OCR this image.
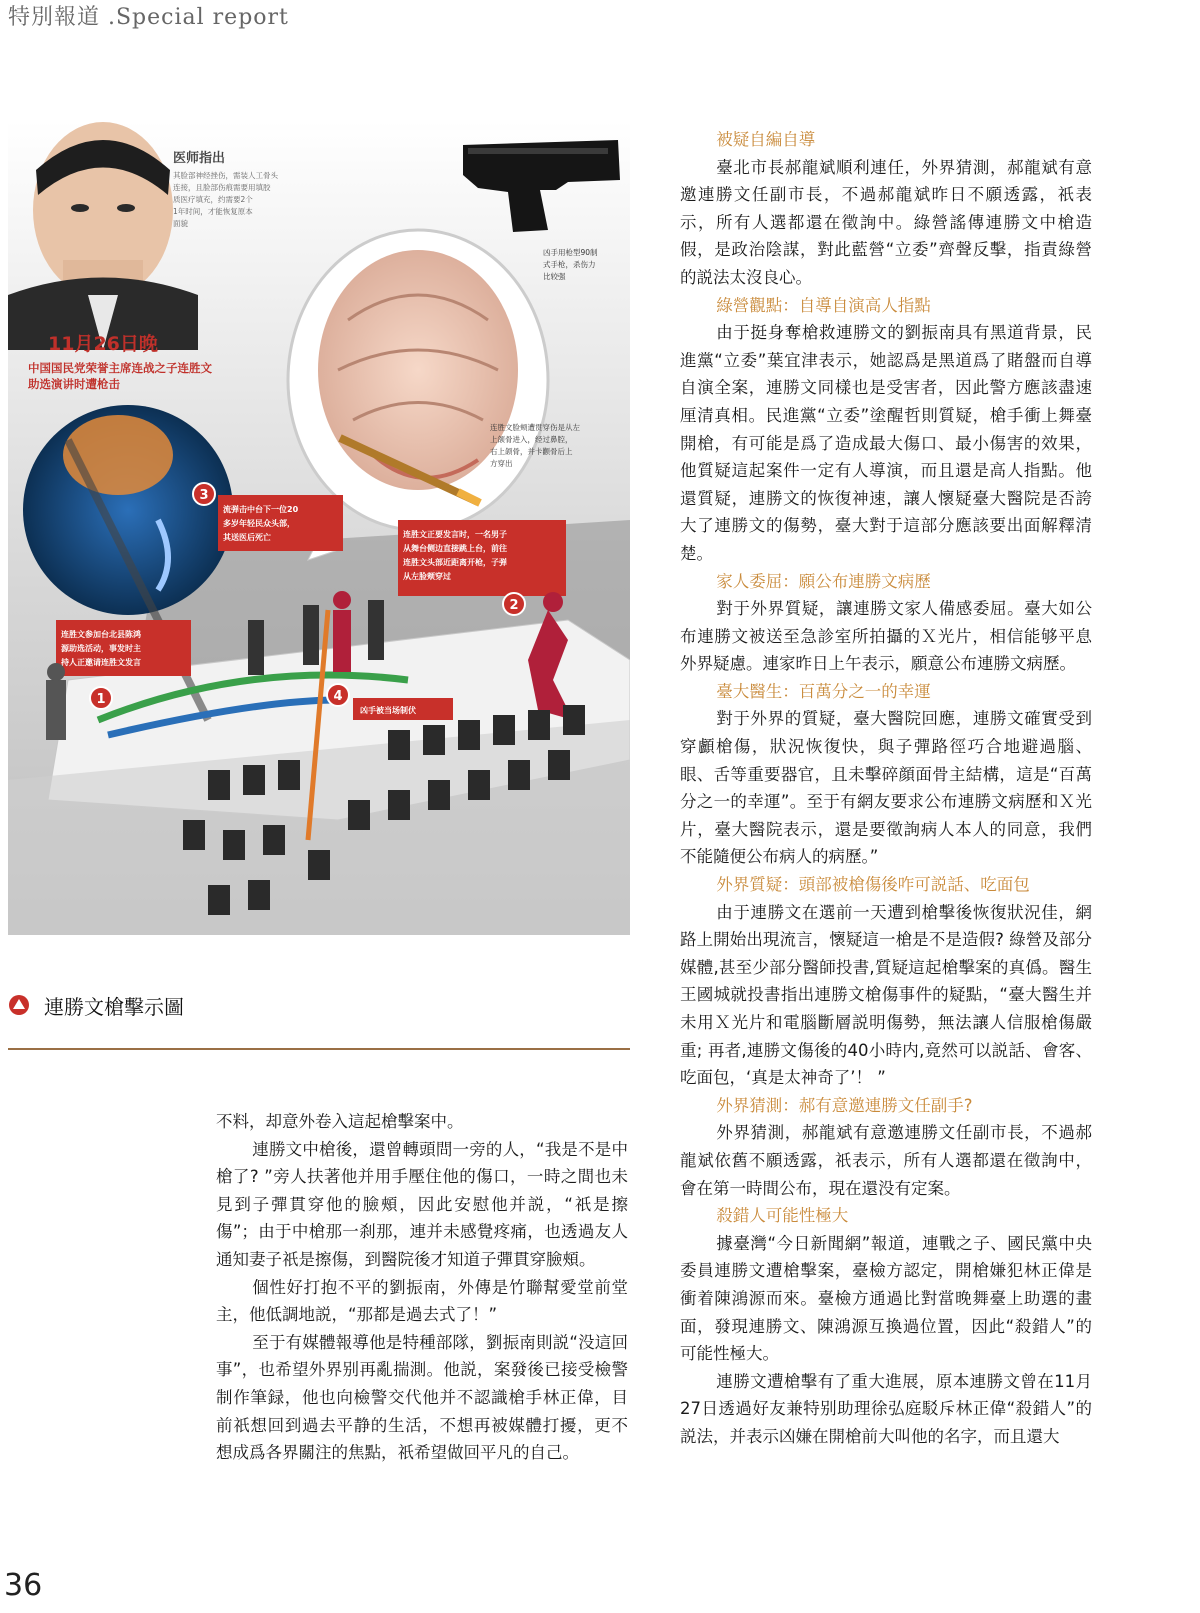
特別報道 .Special report
11月26日晚
中国国民党荣誉主席连战之子连胜文
助选演讲时遭枪击
医师指出
其脸部神经挫伤，需装人工骨头
连接，且脸部伤痕需要用填胶
质医疗填充，约需要2个
1年时间，才能恢复原本
面貌
凶手用枪型90制
式手枪，杀伤力
比较强
连胜文脸颊遭贯穿伤是从左
上颌骨进入，经过鼻腔，
右上颌骨，并卡颧骨后上
方穿出
流弹击中台下一位20
多岁年轻民众头部，
其送医后死亡	连胜文正要发言时，一名男子
从舞台侧边直接跳上台，前往
连胜文头部近距离开枪，子弹
从左脸颊穿过
连胜文参加台北县陈鸿
源助选活动，事发时主
持人正邀请连胜文发言
凶手被当场制伏
1
2
3
4
連勝文槍擊示圖
被疑自編自導

臺北市長郝龍斌順利連任，外界猜測，郝龍斌有意邀連勝文任副市長，不過郝龍斌昨日不願透露，祇表示，所有人選都還在徵詢中。綠營謠傳連勝文中槍造假，是政治陰謀，對此藍營“立委”齊聲反擊，指責綠營的説法太沒良心。

綠營觀點：自導自演高人指點

由于挺身奪槍救連勝文的劉振南具有黑道背景，民進黨“立委”葉宜津表示，她認爲是黑道爲了賭盤而自導自演全案，連勝文同樣也是受害者，因此警方應該盡速厘清真相。民進黨“立委”塗醒哲則質疑，槍手衝上舞臺開槍，有可能是爲了造成最大傷口、最小傷害的效果，他質疑這起案件一定有人導演，而且還是高人指點。他還質疑，連勝文的恢復神速，讓人懷疑臺大醫院是否誇大了連勝文的傷勢，臺大對于這部分應該要出面解釋清楚。

家人委屈：願公布連勝文病歷

對于外界質疑，讓連勝文家人備感委屈。臺大如公布連勝文被送至急診室所拍攝的Ｘ光片，相信能够平息外界疑慮。連家昨日上午表示，願意公布連勝文病歷。

臺大醫生：百萬分之一的幸運

對于外界的質疑，臺大醫院回應，連勝文確實受到穿顱槍傷，狀況恢復快，與子彈路徑巧合地避過腦、眼、舌等重要器官，且未擊碎顔面骨主結構，這是“百萬分之一的幸運”。至于有網友要求公布連勝文病歷和Ｘ光片，臺大醫院表示，還是要徵詢病人本人的同意，我們不能隨便公布病人的病歷。”

外界質疑：頭部被槍傷後咋可説話、吃面包

由于連勝文在選前一天遭到槍擊後恢復狀況佳，網路上開始出現流言，懷疑這一槍是不是造假? 綠營及部分媒體,甚至少部分醫師投書,質疑這起槍擊案的真僞。醫生王國城就投書指出連勝文槍傷事件的疑點，“臺大醫生并未用Ｘ光片和電腦斷層説明傷勢，無法讓人信服槍傷嚴重; 再者,連勝文傷後的40小時内,竟然可以説話、會客、吃面包，‘真是太神奇了’！ ”

外界猜測：郝有意邀連勝文任副手?

外界猜測，郝龍斌有意邀連勝文任副市長，不過郝龍斌依舊不願透露，祇表示，所有人選都還在徵詢中，會在第一時間公布，現在還没有定案。

殺錯人可能性極大

據臺灣“今日新聞網”報道，連戰之子、國民黨中央委員連勝文遭槍擊案，臺檢方認定，開槍嫌犯林正偉是衝着陳鴻源而來。臺檢方通過比對當晚舞臺上助選的畫面，發現連勝文、陳鴻源互換過位置，因此“殺錯人”的可能性極大。

連勝文遭槍擊有了重大進展，原本連勝文曾在11月27日透過好友兼特别助理徐弘庭駁斥林正偉“殺錯人”的説法，并表示凶嫌在開槍前大叫他的名字，而且還大

不料，却意外卷入這起槍擊案中。

連勝文中槍後，還曾轉頭問一旁的人，“我是不是中槍了? ”旁人扶著他并用手壓住他的傷口，一時之間也未見到子彈貫穿他的臉頰，因此安慰他并説，“祇是擦傷”；由于中槍那一刹那，連并未感覺疼痛，也透過友人通知妻子祇是擦傷，到醫院後才知道子彈貫穿臉頰。

個性好打抱不平的劉振南，外傳是竹聯幫愛堂前堂主，他低調地説，“那都是過去式了！”

至于有媒體報導他是特種部隊，劉振南則説“没這回事”，也希望外界别再亂揣測。他説，案發後已接受檢警制作筆録，他也向檢警交代他并不認識槍手林正偉，目前祇想回到過去平静的生活，不想再被媒體打擾，更不想成爲各界關注的焦點，祇希望做回平凡的自己。

36
